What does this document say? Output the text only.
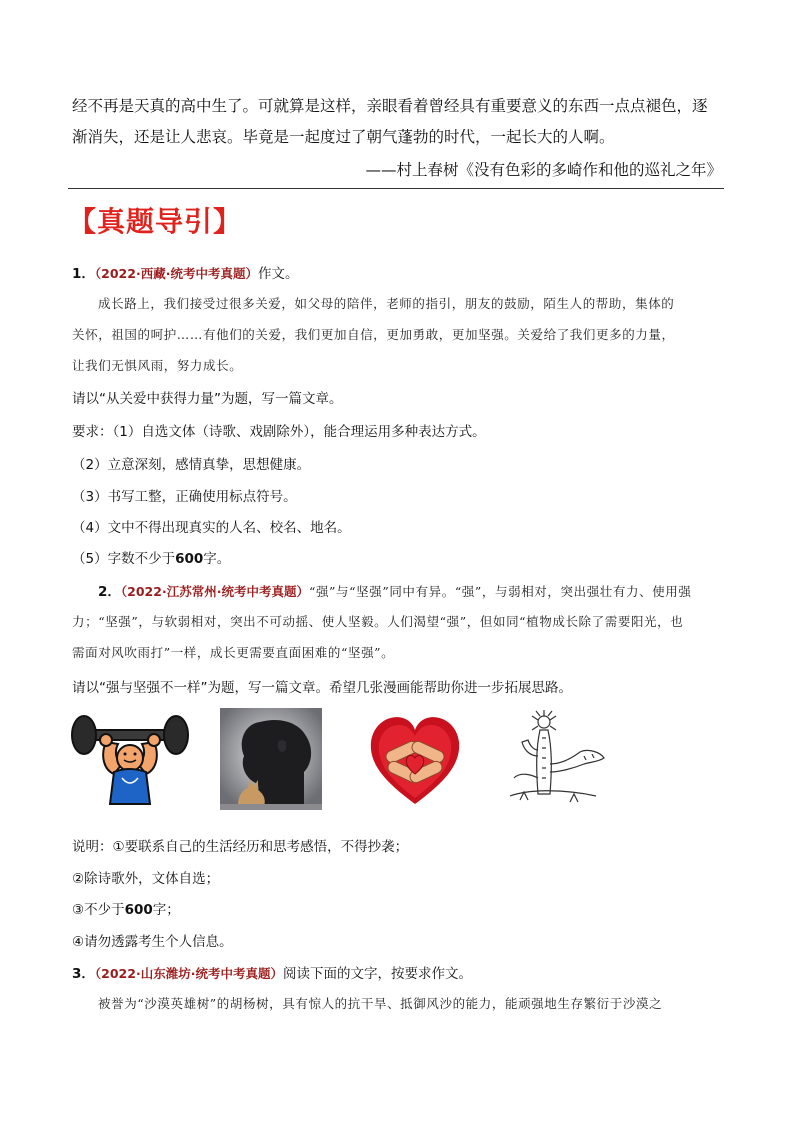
经不再是天真的高中生了。可就算是这样，亲眼看着曾经具有重要意义的东西一点点褪色，逐
渐消失，还是让人悲哀。毕竟是一起度过了朝气蓬勃的时代，一起长大的人啊。
——村上春树《没有色彩的多崎作和他的巡礼之年》
【真题导引】
1．（2022·西藏·统考中考真题）作文。
成长路上，我们接受过很多关爱，如父母的陪伴，老师的指引，朋友的鼓励，陌生人的帮助，集体的
关怀，祖国的呵护……有他们的关爱，我们更加自信，更加勇敢，更加坚强。关爱给了我们更多的力量，
让我们无惧风雨，努力成长。
请以“从关爱中获得力量”为题，写一篇文章。
要求：（1）自选文体（诗歌、戏剧除外），能合理运用多种表达方式。
（2）立意深刻，感情真挚，思想健康。
（3）书写工整，正确使用标点符号。
（4）文中不得出现真实的人名、校名、地名。
（5）字数不少于600字。
2．（2022·江苏常州·统考中考真题）“强”与“坚强”同中有异。“强”，与弱相对，突出强壮有力、使用强
力；“坚强”，与软弱相对，突出不可动摇、使人坚毅。人们渴望“强”，但如同“植物成长除了需要阳光，也
需面对风吹雨打”一样，成长更需要直面困难的“坚强”。
请以“强与坚强不一样”为题，写一篇文章。希望几张漫画能帮助你进一步拓展思路。
说明：①要联系自己的生活经历和思考感悟，不得抄袭；
②除诗歌外，文体自选；
③不少于600字；
④请勿透露考生个人信息。
3．（2022·山东潍坊·统考中考真题）阅读下面的文字，按要求作文。
被誉为“沙漠英雄树”的胡杨树，具有惊人的抗干旱、抵御风沙的能力，能顽强地生存繁衍于沙漠之
